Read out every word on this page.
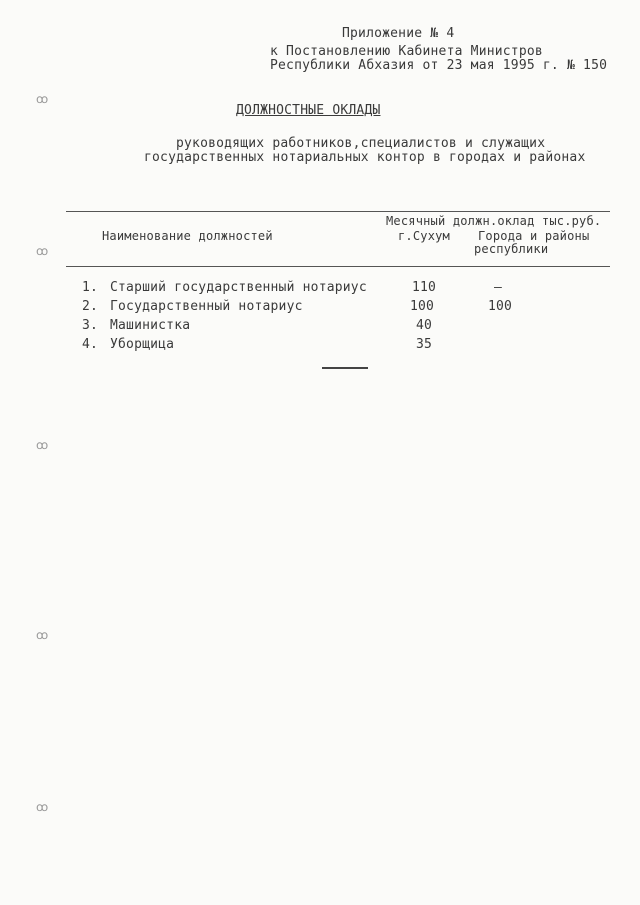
ꝏ
ꝏ
ꝏ
ꝏ
ꝏ
Приложение № 4
к Постановлению Кабинета Министров
Республики Абхазия от 23 мая 1995 г. № 150
ДОЛЖНОСТНЫЕ ОКЛАДЫ
руководящих работников,специалистов и служащих
государственных нотариальных контор в городах и районах
Наименование должностей
Месячный должн.оклад тыс.руб.
г.Сухум Города и районы
республики
1. Старший государственный нотариус	110	–
2. Государственный нотариус	100	100
3. Машинистка	40
4. Уборщица	35
